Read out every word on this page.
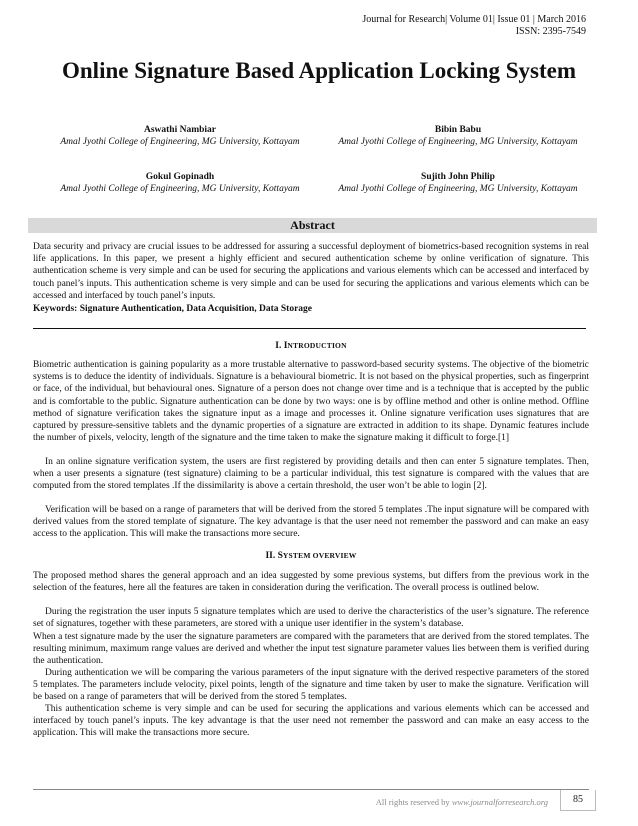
Journal for Research| Volume 01| Issue 01 | March 2016
ISSN: 2395-7549
Online Signature Based Application Locking System
Aswathi Nambiar
Amal Jyothi College of Engineering, MG University, Kottayam
Bibin Babu
Amal Jyothi College of Engineering, MG University, Kottayam
Gokul Gopinadh
Amal Jyothi College of Engineering, MG University, Kottayam
Sujith John Philip
Amal Jyothi College of Engineering, MG University, Kottayam
Abstract

Data security and privacy are crucial issues to be addressed for assuring a successful deployment of biometrics-based recognition systems in real life applications. In this paper, we present a highly efficient and secured authentication scheme by online verification of signature. This authentication scheme is very simple and can be used for securing the applications and various elements which can be accessed and interfaced by touch panel’s inputs. This authentication scheme is very simple and can be used for securing the applications and various elements which can be accessed and interfaced by touch panel’s inputs.

Keywords: Signature Authentication, Data Acquisition, Data Storage

I. INTRODUCTION

Biometric authentication is gaining popularity as a more trustable alternative to password-based security systems. The objective of the biometric systems is to deduce the identity of individuals. Signature is a behavioural biometric. It is not based on the physical properties, such as fingerprint or face, of the individual, but behavioural ones. Signature of a person does not change over time and is a technique that is accepted by the public and is comfortable to the public. Signature authentication can be done by two ways: one is by offline method and other is online method. Offline method of signature verification takes the signature input as a image and processes it. Online signature verification uses signatures that are captured by pressure-sensitive tablets and the dynamic properties of a signature are extracted in addition to its shape. Dynamic features include the number of pixels, velocity, length of the signature and the time taken to make the signature making it difficult to forge.[1]

In an online signature verification system, the users are first registered by providing details and then can enter 5 signature templates. Then, when a user presents a signature (test signature) claiming to be a particular individual, this test signature is compared with the values that are computed from the stored templates .If the dissimilarity is above a certain threshold, the user won’t be able to login [2].

Verification will be based on a range of parameters that will be derived from the stored 5 templates .The input signature will be compared with derived values from the stored template of signature. The key advantage is that the user need not remember the password and can make an easy access to the application. This will make the transactions more secure.

II. SYSTEM OVERVIEW

The proposed method shares the general approach and an idea suggested by some previous systems, but differs from the previous work in the selection of the features, here all the features are taken in consideration during the verification. The overall process is outlined below.

During the registration the user inputs 5 signature templates which are used to derive the characteristics of the user’s signature. The reference set of signatures, together with these parameters, are stored with a unique user identifier in the system’s database.

When a test signature made by the user the signature parameters are compared with the parameters that are derived from the stored templates. The resulting minimum, maximum range values are derived and whether the input test signature parameter values lies between them is verified during the authentication.

During authentication we will be comparing the various parameters of the input signature with the derived respective parameters of the stored 5 templates. The parameters include velocity, pixel points, length of the signature and time taken by user to make the signature. Verification will be based on a range of parameters that will be derived from the stored 5 templates.

This authentication scheme is very simple and can be used for securing the applications and various elements which can be accessed and interfaced by touch panel’s inputs. The key advantage is that the user need not remember the password and can make an easy access to the application. This will make the transactions more secure.

All rights reserved by www.journalforresearch.org	85
